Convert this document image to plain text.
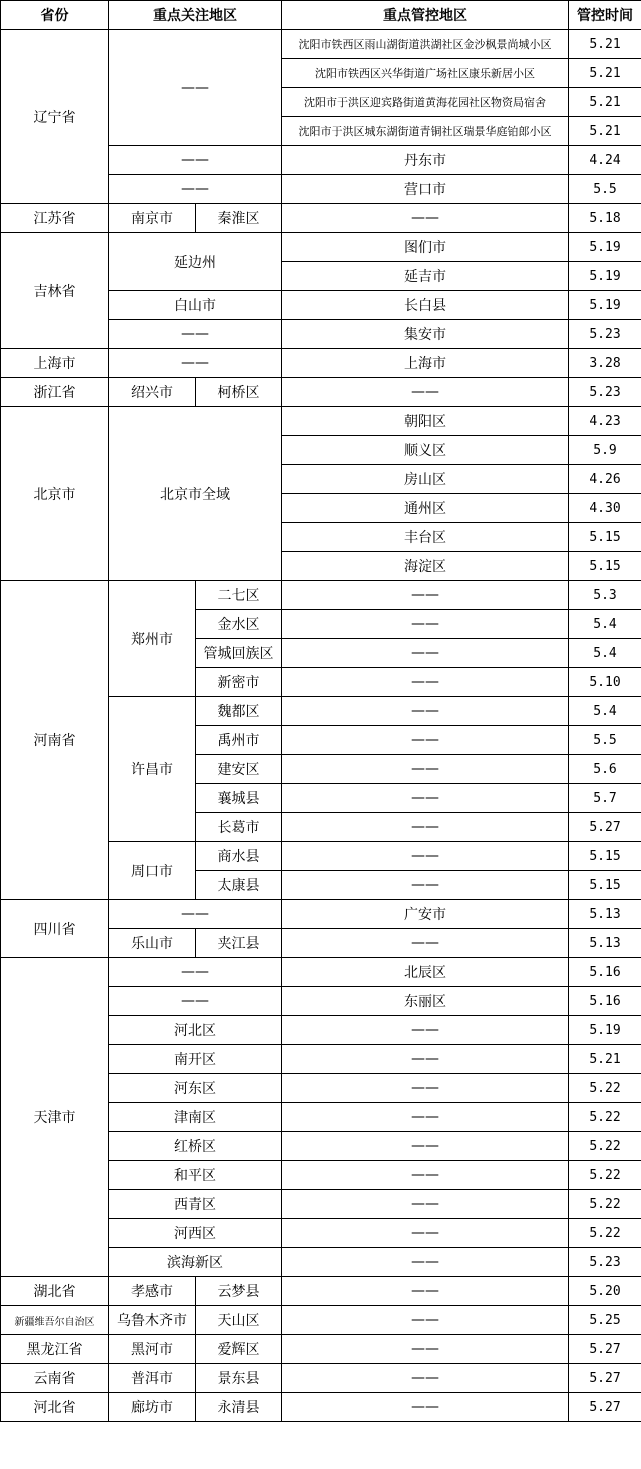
省份	重点关注地区		重点管控地区	管控时间
辽宁省	——		沈阳市铁西区雨山湖街道洪湖社区金沙枫景尚城小区	5.21
			沈阳市铁西区兴华街道广场社区康乐新居小区	5.21
			沈阳市于洪区迎宾路街道黄海花园社区物资局宿舍	5.21
			沈阳市于洪区城东湖街道青铜社区瑞景华庭铂郎小区	5.21
	——		丹东市	4.24
	——		营口市	5.5
江苏省	南京市	秦淮区	——	5.18
吉林省	延边州		图们市	5.19
			延吉市	5.19
	白山市		长白县	5.19
	——		集安市	5.23
上海市	——		上海市	3.28
浙江省	绍兴市	柯桥区	——	5.23
北京市	北京市全域		朝阳区	4.23
			顺义区	5.9
			房山区	4.26
			通州区	4.30
			丰台区	5.15
			海淀区	5.15
河南省	郑州市	二七区	——	5.3
		金水区	——	5.4
		管城回族区	——	5.4
		新密市	——	5.10
	许昌市	魏都区	——	5.4
		禹州市	——	5.5
		建安区	——	5.6
		襄城县	——	5.7
		长葛市	——	5.27
	周口市	商水县	——	5.15
		太康县	——	5.15
四川省	——		广安市	5.13
	乐山市	夹江县	——	5.13
天津市	——		北辰区	5.16
	——		东丽区	5.16
	河北区		——	5.19
	南开区		——	5.21
	河东区		——	5.22
	津南区		——	5.22
	红桥区		——	5.22
	和平区		——	5.22
	西青区		——	5.22
	河西区		——	5.22
	滨海新区		——	5.23
湖北省	孝感市	云梦县	——	5.20
新疆维吾尔自治区	乌鲁木齐市	天山区	——	5.25
黑龙江省	黑河市	爱辉区	——	5.27
云南省	普洱市	景东县	——	5.27
河北省	廊坊市	永清县	——	5.27
